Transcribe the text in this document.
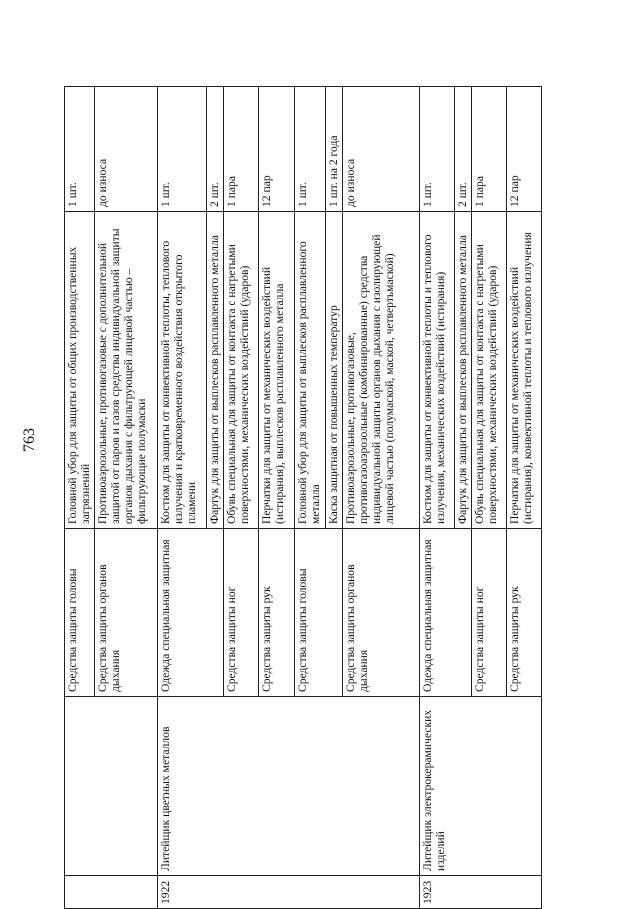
763
		Средства защиты головы	Головной убор для защиты от общих производственных загрязнений	1 шт.
		Средства защиты органов дыхания	Противоаэрозольные, противогазовые с дополнительной защитой от паров и газов средства индивидуальной защиты органов дыхания с фильтрующей лицевой частью – фильтрующие полумаски	до износа
1922	Литейщик цветных металлов	Одежда специальная защитная	Костюм для защиты от конвективной теплоты, теплового излучения и кратковременного воздействия открытого пламени	1 шт.
			Фартук для защиты от выплесков расплавленного металла	2 шт.
		Средства защиты ног	Обувь специальная для защиты от контакта с нагретыми поверхностями, механических воздействий (ударов)	1 пара
		Средства защиты рук	Перчатки для защиты от механических воздействий (истирания), выплесков расплавленного металла	12 пар
		Средства защиты головы	Головной убор для защиты от выплесков расплавленного металла	1 шт.
			Каска защитная от повышенных температур	1 шт. на 2 года
		Средства защиты органов дыхания	Противоаэрозольные, противогазовые, противогазоаэрозольные (комбинированные) средства индивидуальной защиты органов дыхания с изолирующей лицевой частью (полумаской, маской, четвертьмаской)	до износа
1923	Литейщик электрокерамических изделий	Одежда специальная защитная	Костюм для защиты от конвективной теплоты и теплового излучения, механических воздействий (истирания)	1 шт.
			Фартук для защиты от выплесков расплавленного металла	2 шт.
		Средства защиты ног	Обувь специальная для защиты от контакта с нагретыми поверхностями, механических воздействий (ударов)	1 пара
		Средства защиты рук	Перчатки для защиты от механических воздействий (истирания), конвективной теплоты и теплового излучения	12 пар
